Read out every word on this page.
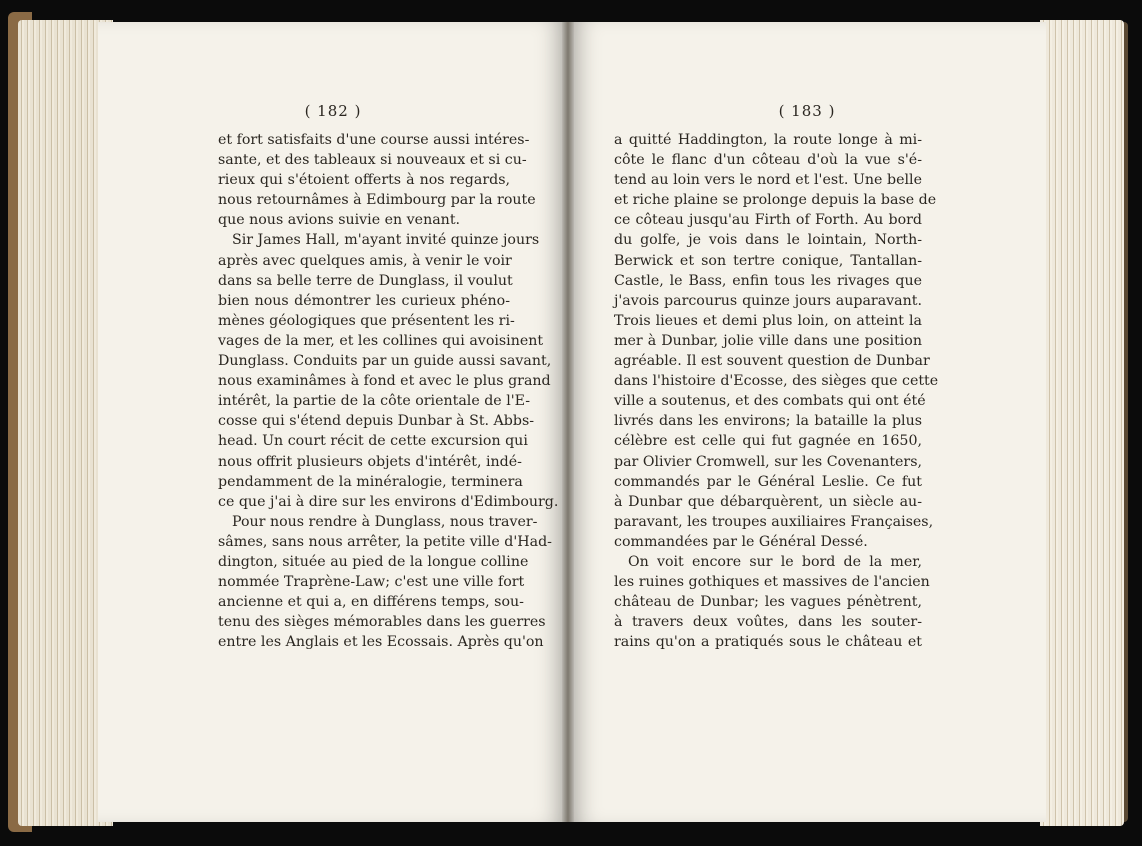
( 182 )
et fort satisfaits d'une course aussi intéres-
sante, et des tableaux si nouveaux et si cu-
rieux qui s'étoient offerts à nos regards,
nous retournâmes à Edimbourg par la route
que nous avions suivie en venant.
Sir James Hall, m'ayant invité quinze jours
après avec quelques amis, à venir le voir
dans sa belle terre de Dunglass, il voulut
bien nous démontrer les curieux phéno-
mènes géologiques que présentent les ri-
vages de la mer, et les collines qui avoisinent
Dunglass. Conduits par un guide aussi savant,
nous examinâmes à fond et avec le plus grand
intérêt, la partie de la côte orientale de l'E-
cosse qui s'étend depuis Dunbar à St. Abbs-
head. Un court récit de cette excursion qui
nous offrit plusieurs objets d'intérêt, indé-
pendamment de la minéralogie, terminera
ce que j'ai à dire sur les environs d'Edimbourg.
Pour nous rendre à Dunglass, nous traver-
sâmes, sans nous arrêter, la petite ville d'Had-
dington, située au pied de la longue colline
nommée Traprène-Law; c'est une ville fort
ancienne et qui a, en différens temps, sou-
tenu des sièges mémorables dans les guerres
entre les Anglais et les Ecossais. Après qu'on
( 183 )
a quitté Haddington, la route longe à mi-
côte le flanc d'un côteau d'où la vue s'é-
tend au loin vers le nord et l'est. Une belle
et riche plaine se prolonge depuis la base de
ce côteau jusqu'au Firth of Forth. Au bord
du golfe, je vois dans le lointain, North-
Berwick et son tertre conique, Tantallan-
Castle, le Bass, enfin tous les rivages que
j'avois parcourus quinze jours auparavant.
Trois lieues et demi plus loin, on atteint la
mer à Dunbar, jolie ville dans une position
agréable. Il est souvent question de Dunbar
dans l'histoire d'Ecosse, des sièges que cette
ville a soutenus, et des combats qui ont été
livrés dans les environs; la bataille la plus
célèbre est celle qui fut gagnée en 1650,
par Olivier Cromwell, sur les Covenanters,
commandés par le Général Leslie. Ce fut
à Dunbar que débarquèrent, un siècle au-
paravant, les troupes auxiliaires Françaises,
commandées par le Général Dessé.
On voit encore sur le bord de la mer,
les ruines gothiques et massives de l'ancien
château de Dunbar; les vagues pénètrent,
à travers deux voûtes, dans les souter-
rains qu'on a pratiqués sous le château et
